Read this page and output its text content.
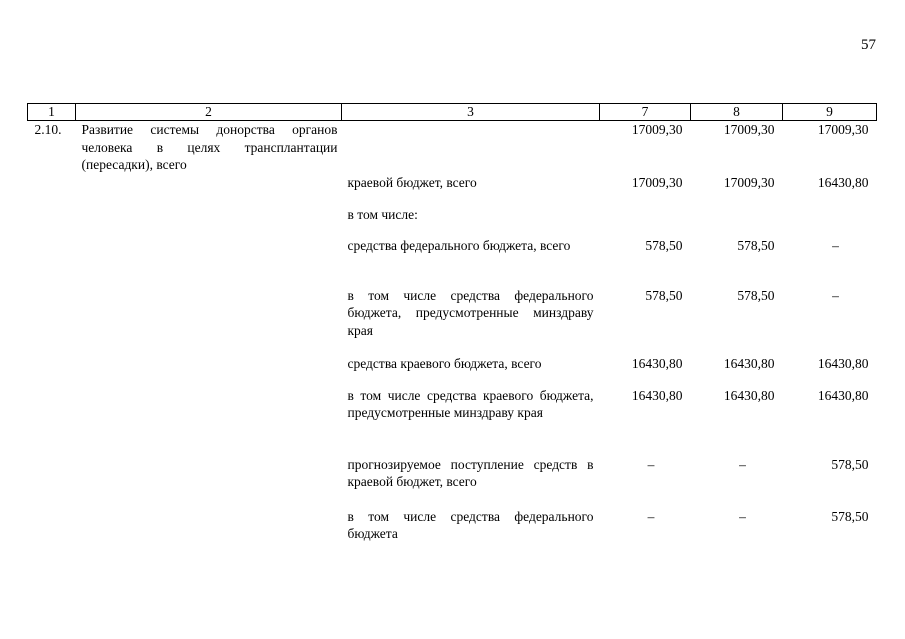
57
1	2	3	7	8	9
2.10.	Развитие системы донорства органов человека в целях трансплантации (пересадки), всего		17009,30	17009,30	17009,30
		краевой бюджет, всего	17009,30	17009,30	16430,80
		в том числе:			
		средства федерального бюджета, всего	578,50	578,50	–
		в том числе средства федерального бюджета, предусмотренные минздраву края	578,50	578,50	–
		средства краевого бюджета, всего	16430,80	16430,80	16430,80
		в том числе средства краевого бюджета, предусмотренные минздраву края	16430,80	16430,80	16430,80
		прогнозируемое поступление средств в краевой бюджет, всего	–	–	578,50
		в том числе средства федерального бюджета	–	–	578,50
